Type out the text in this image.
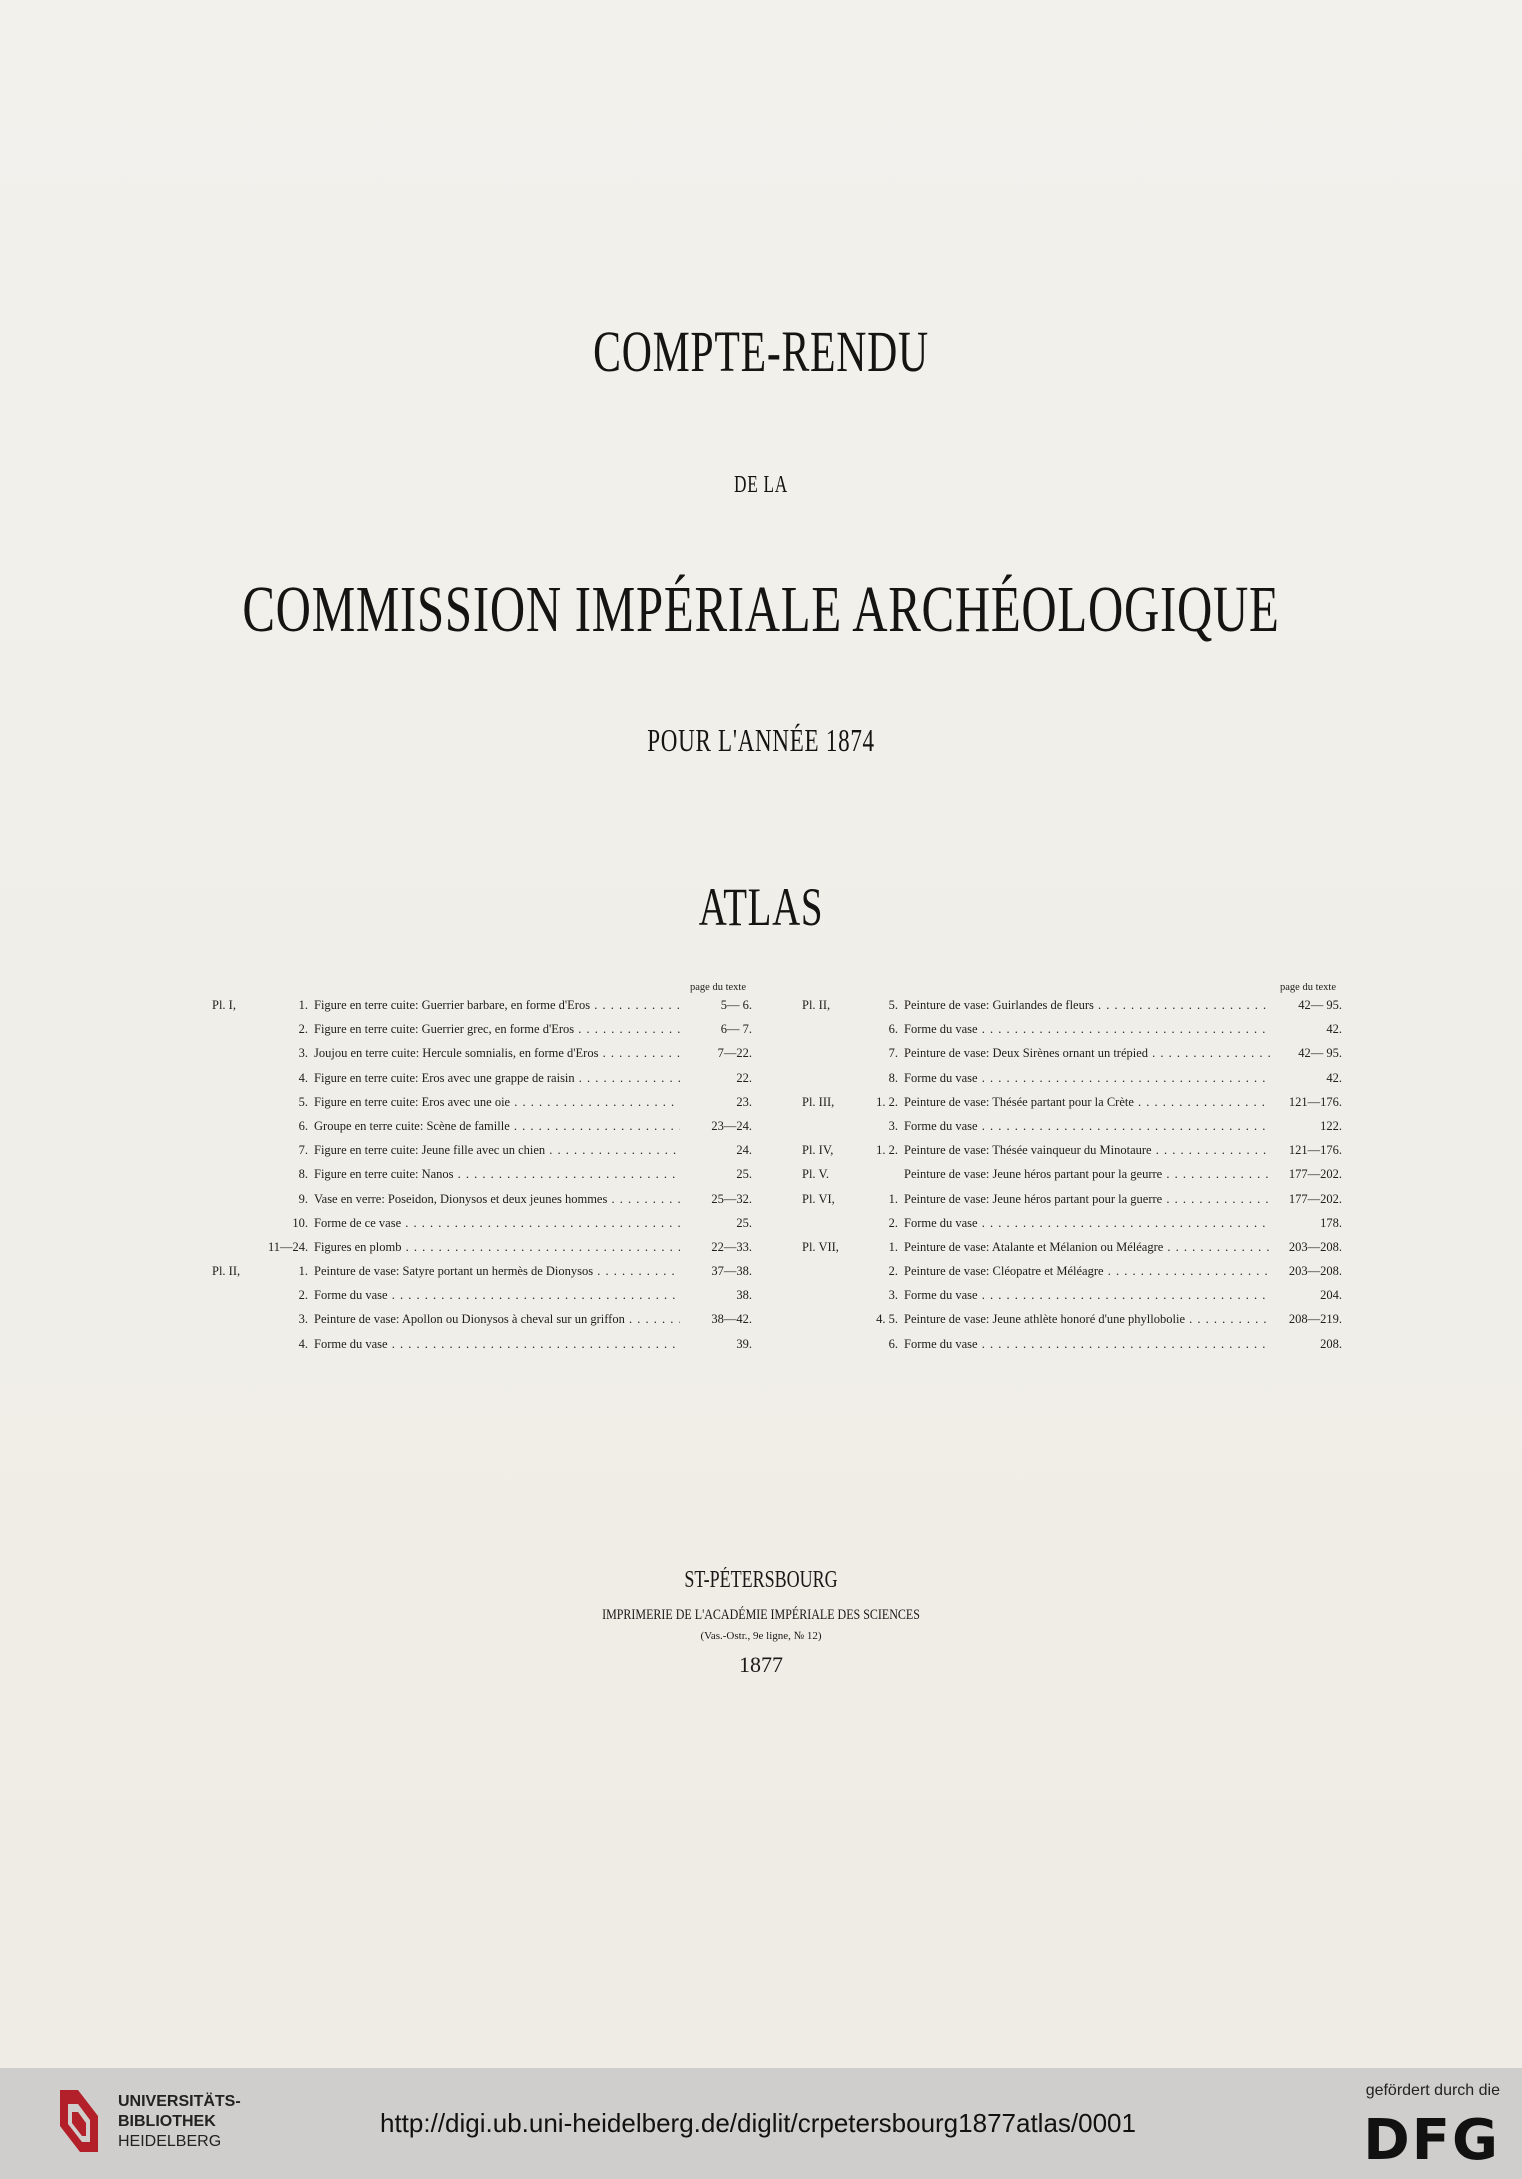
COMPTE-RENDU
DE LA
COMMISSION IMPÉRIALE ARCHÉOLOGIQUE
POUR L'ANNÉE 1874
ATLAS
page du texte
Pl. I,	1. Figure en terre cuite: Guerrier barbare, en forme d'Eros . . .	5— 6.
2. Figure en terre cuite: Guerrier grec, en forme d'Eros . . .	6— 7.
3. Joujou en terre cuite: Hercule somnialis, en forme d'Eros . . .	7—22.
4. Figure en terre cuite: Eros avec une grappe de raisin . . .	22.
5. Figure en terre cuite: Eros avec une oie . . .	23.
6. Groupe en terre cuite: Scène de famille . . .	23—24.
7. Figure en terre cuite: Jeune fille avec un chien . . .	24.
8. Figure en terre cuite: Nanos . . .	25.
9. Vase en verre: Poseidon, Dionysos et deux jeunes hommes . . .	25—32.
10. Forme de ce vase . . .	25.
11—24. Figures en plomb . . .	22—33.
Pl. II,	1. Peinture de vase: Satyre portant un hermès de Dionysos . . .	37—38.
2. Forme du vase . . .	38.
3. Peinture de vase: Apollon ou Dionysos à cheval sur un griffon . . .	38—42.
4. Forme du vase . . .	39.
page du texte
Pl. II,	5. Peinture de vase: Guirlandes de fleurs . . .	42— 95.
6. Forme du vase . . .	42.
7. Peinture de vase: Deux Sirènes ornant un trépied . . .	42— 95.
8. Forme du vase . . .	42.
Pl. III,	1. 2. Peinture de vase: Thésée partant pour la Crète . . .	121—176.
3. Forme du vase . . .	122.
Pl. IV,	1. 2. Peinture de vase: Thésée vainqueur du Minotaure . . .	121—176.
Pl. V.	Peinture de vase: Jeune héros partant pour la geurre . . .	177—202.
Pl. VI,	1. Peinture de vase: Jeune héros partant pour la guerre . . .	177—202.
2. Forme du vase . . .	178.
Pl. VII,	1. Peinture de vase: Atalante et Mélanion ou Méléagre . . .	203—208.
2. Peinture de vase: Cléopatre et Méléagre . . .	203—208.
3. Forme du vase . . .	204.
4. 5. Peinture de vase: Jeune athlète honoré d'une phyllobolie . . .	208—219.
6. Forme du vase . . .	208.
ST-PÉTERSBOURG
IMPRIMERIE DE L'ACADÉMIE IMPÉRIALE DES SCIENCES
(Vas.-Ostr., 9e ligne, № 12)
1877
UNIVERSITÄTS-
BIBLIOTHEK
HEIDELBERG
http://digi.ub.uni-heidelberg.de/diglit/crpetersbourg1877atlas/0001
gefördert durch die
DFG
